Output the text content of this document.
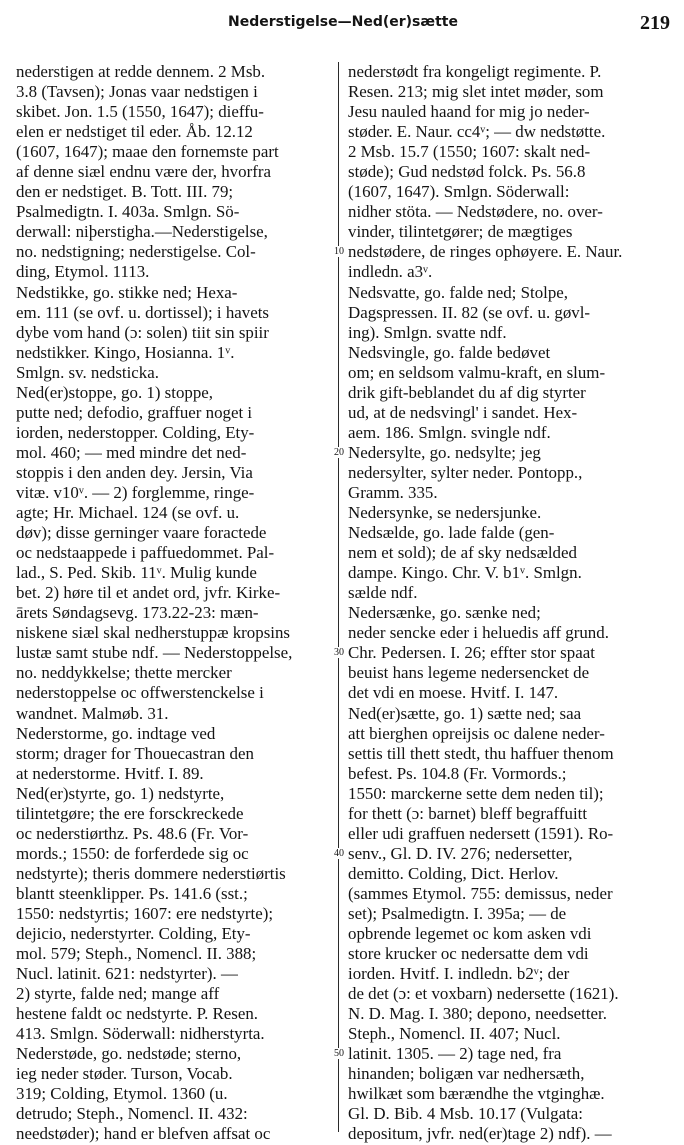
Nederstigelse—Ned(er)sætte	219
nederstigen at redde dennem. 2 Msb.
3.8 (Tavsen); Jonas vaar nedstigen i
skibet. Jon. 1.5 (1550, 1647); dieffu-
elen er nedstiget til eder. Åb. 12.12
(1607, 1647); maae den fornemste part
af denne siæl endnu være der, hvorfra
den er nedstiget. B. Tott. III. 79;
Psalmedigtn. I. 403a. Smlgn. Sö-
derwall: niþerstigha.—Nederstigelse,
no. nedstigning; nederstigelse. Col-
ding, Etymol. 1113.
Nedstikke, go. stikke ned; Hexa-
em. 111 (se ovf. u. dortissel); i havets
dybe vom hand (ɔ: solen) tiit sin spiir
nedstikker. Kingo, Hosianna. 1ᵛ.
Smlgn. sv. nedsticka.
Ned(er)stoppe, go. 1) stoppe,
putte ned; defodio, graffuer noget i
iorden, nederstopper. Colding, Ety-
mol. 460; — med mindre det ned-
stoppis i den anden dey. Jersin, Via
vitæ. v10ᵛ. — 2) forglemme, ringe-
agte; Hr. Michael. 124 (se ovf. u.
døv); disse gerninger vaare foractede
oc nedstaappede i paffuedommet. Pal-
lad., S. Ped. Skib. 11ᵛ. Mulig kunde
bet. 2) høre til et andet ord, jvfr. Kirke-
ārets Søndagsevg. 173.22-23: mæn-
niskene siæl skal nedherstuppæ kropsins
lustæ samt stube ndf. — Nederstoppelse,
no. neddykkelse; thette mercker
nederstoppelse oc offwerstenckelse i
wandnet. Malmøb. 31.
Nederstorme, go. indtage ved
storm; drager for Thouecastran den
at nederstorme. Hvitf. I. 89.
Ned(er)styrte, go. 1) nedstyrte,
tilintetgøre; the ere forsckreckede
oc nederstiørthz. Ps. 48.6 (Fr. Vor-
mords.; 1550: de forferdede sig oc
nedstyrte); theris dommere nederstiørtis
blantt steenklipper. Ps. 141.6 (sst.;
1550: nedstyrtis; 1607: ere nedstyrte);
dejicio, nederstyrter. Colding, Ety-
mol. 579; Steph., Nomencl. II. 388;
Nucl. latinit. 621: nedstyrter). —
2) styrte, falde ned; mange aff
hestene faldt oc nedstyrte. P. Resen.
413. Smlgn. Söderwall: nidherstyrta.
Nederstøde, go. nedstøde; sterno,
ieg neder støder. Turson, Vocab.
319; Colding, Etymol. 1360 (u.
detrudo; Steph., Nomencl. II. 432:
needstøder); hand er blefven affsat oc
nederstødt fra kongeligt regimente. P.
Resen. 213; mig slet intet møder, som
Jesu nauled haand for mig jo neder-
støder. E. Naur. cc4ᵛ; — dw nedstøtte.
2 Msb. 15.7 (1550; 1607: skalt ned-
støde); Gud nedstød folck. Ps. 56.8
(1607, 1647). Smlgn. Söderwall:
nidher stöta. — Nedstødere, no. over-
vinder, tilintetgører; de mægtiges
nedstødere, de ringes ophøyere. E. Naur.
indledn. a3ᵛ.
Nedsvatte, go. falde ned; Stolpe,
Dagspressen. II. 82 (se ovf. u. gøvl-
ing). Smlgn. svatte ndf.
Nedsvingle, go. falde bedøvet
om; en seldsom valmu-kraft, en slum-
drik gift-beblandet du af dig styrter
ud, at de nedsvingl' i sandet. Hex-
aem. 186. Smlgn. svingle ndf.
Nedersylte, go. nedsylte; jeg
nedersylter, sylter neder. Pontopp.,
Gramm. 335.
Nedersynke, se nedersjunke.
Nedsælde, go. lade falde (gen-
nem et sold); de af sky nedsælded
dampe. Kingo. Chr. V. b1ᵛ. Smlgn.
sælde ndf.
Nedersænke, go. sænke ned;
neder sencke eder i heluedis aff grund.
Chr. Pedersen. I. 26; effter stor spaat
beuist hans legeme nedersencket de
det vdi en moese. Hvitf. I. 147.
Ned(er)sætte, go. 1) sætte ned; saa
att bierghen opreijsis oc dalene neder-
settis till thett stedt, thu haffuer thenom
befest. Ps. 104.8 (Fr. Vormords.;
1550: marckerne sette dem neden til);
for thett (ɔ: barnet) bleff begraffuitt
eller udi graffuen nedersett (1591). Ro-
senv., Gl. D. IV. 276; nedersetter,
demitto. Colding, Dict. Herlov.
(sammes Etymol. 755: demissus, neder
set); Psalmedigtn. I. 395a; — de
opbrende legemet oc kom asken vdi
store krucker oc nedersatte dem vdi
iorden. Hvitf. I. indledn. b2ᵛ; der
de det (ɔ: et voxbarn) nedersette (1621).
N. D. Mag. I. 380; depono, needsetter.
Steph., Nomencl. II. 407; Nucl.
latinit. 1305. — 2) tage ned, fra
hinanden; boligæn var nedhersæth,
hwilkæt som bærændhe the vtginghæ.
Gl. D. Bib. 4 Msb. 10.17 (Vulgata:
depositum, jvfr. ned(er)tage 2) ndf). —
10
20
30
40
50
